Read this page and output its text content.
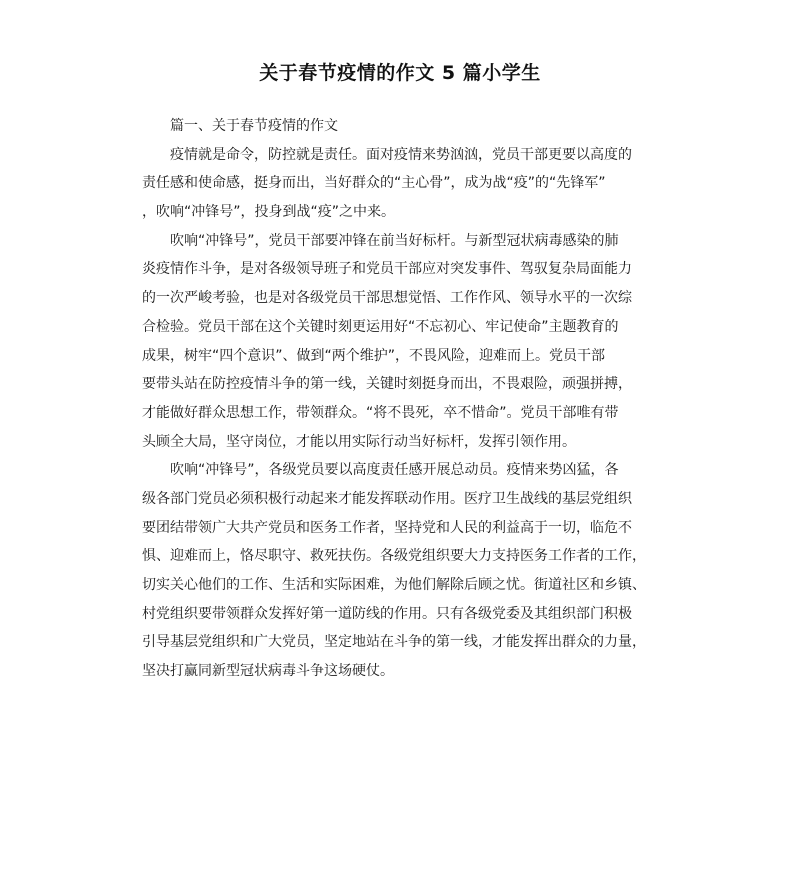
关于春节疫情的作文 5 篇小学生
篇一、关于春节疫情的作文
疫情就是命令，防控就是责任。面对疫情来势汹汹，党员干部更要以高度的
责任感和使命感，挺身而出，当好群众的“主心骨”，成为战“疫”的“先锋军”
，吹响“冲锋号”，投身到战“疫”之中来。
吹响“冲锋号”，党员干部要冲锋在前当好标杆。与新型冠状病毒感染的肺
炎疫情作斗争，是对各级领导班子和党员干部应对突发事件、驾驭复杂局面能力
的一次严峻考验，也是对各级党员干部思想觉悟、工作作风、领导水平的一次综
合检验。党员干部在这个关键时刻更运用好“不忘初心、牢记使命”主题教育的
成果，树牢“四个意识”、做到“两个维护”，不畏风险，迎难而上。党员干部
要带头站在防控疫情斗争的第一线，关键时刻挺身而出，不畏艰险，顽强拼搏，
才能做好群众思想工作，带领群众。“将不畏死，卒不惜命”。党员干部唯有带
头顾全大局，坚守岗位，才能以用实际行动当好标杆，发挥引领作用。
吹响“冲锋号”，各级党员要以高度责任感开展总动员。疫情来势凶猛，各
级各部门党员必须积极行动起来才能发挥联动作用。医疗卫生战线的基层党组织
要团结带领广大共产党员和医务工作者，坚持党和人民的利益高于一切，临危不
惧、迎难而上，恪尽职守、救死扶伤。各级党组织要大力支持医务工作者的工作，
切实关心他们的工作、生活和实际困难，为他们解除后顾之忧。街道社区和乡镇、
村党组织要带领群众发挥好第一道防线的作用。只有各级党委及其组织部门积极
引导基层党组织和广大党员，坚定地站在斗争的第一线，才能发挥出群众的力量，
坚决打赢同新型冠状病毒斗争这场硬仗。
